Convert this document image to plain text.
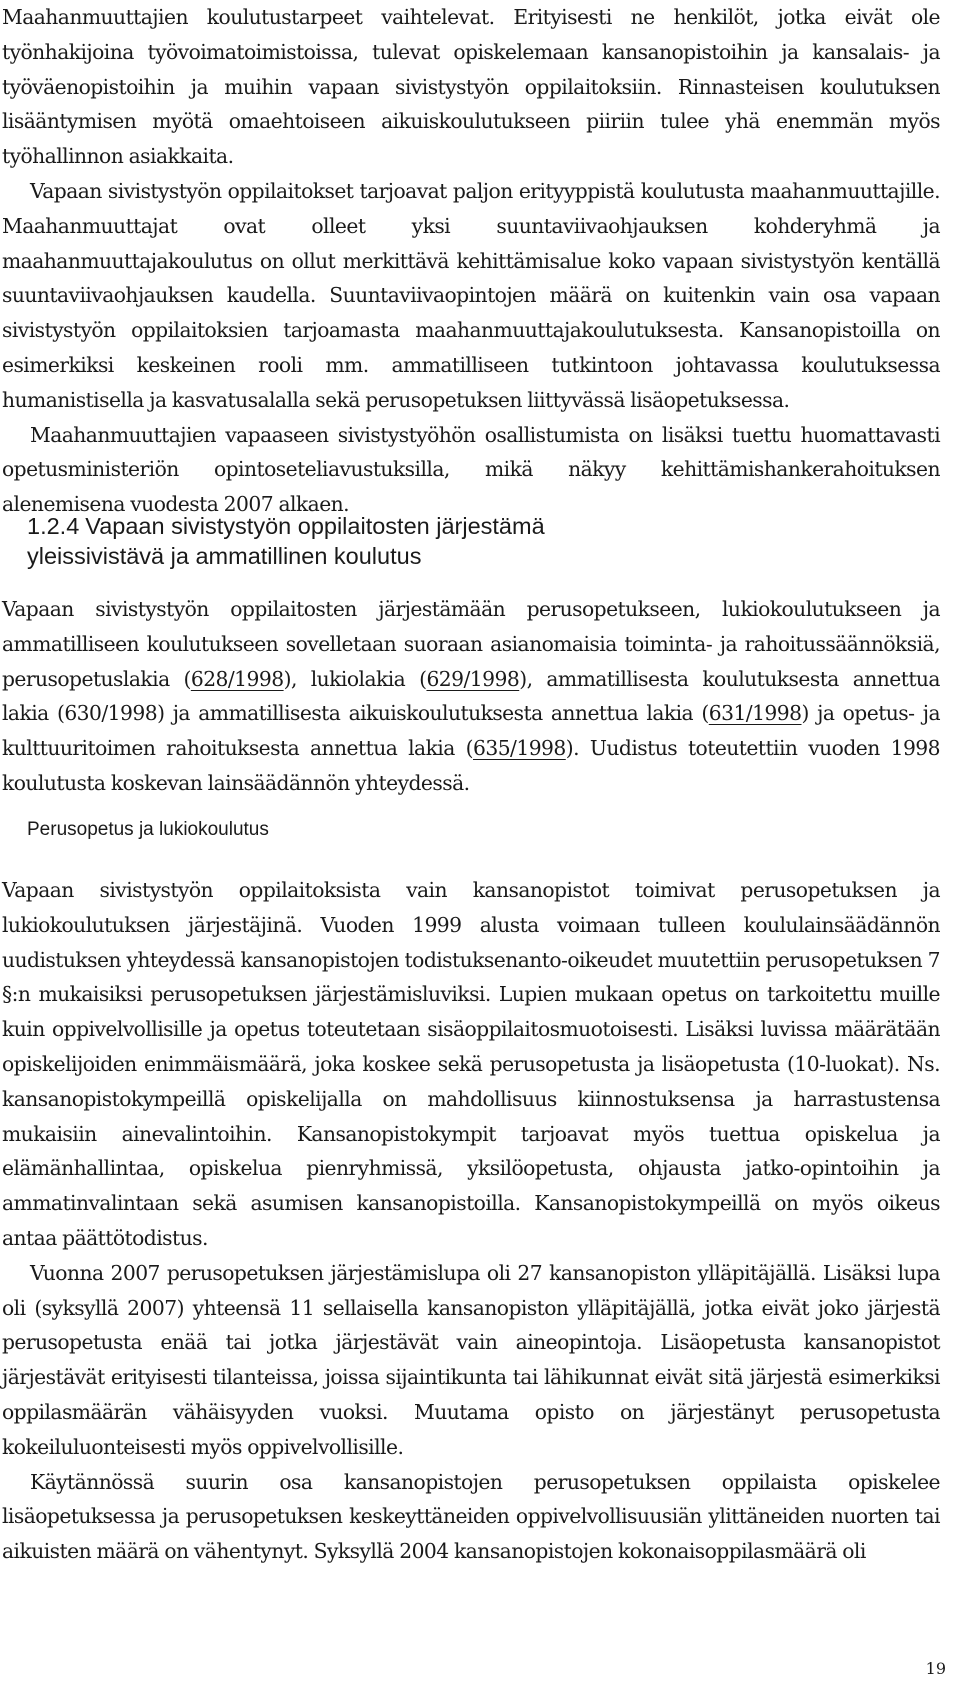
Maahanmuuttajien koulutustarpeet vaihtelevat. Erityisesti ne henkilöt, jotka eivät ole työnhakijoina työvoimatoimistoissa, tulevat opiskelemaan kansanopistoihin ja kansalais- ja työväenopistoihin ja muihin vapaan sivistystyön oppilaitoksiin. Rinnasteisen koulutuksen lisääntymisen myötä omaehtoiseen aikuiskoulutukseen piiriin tulee yhä enemmän myös työhallinnon asiakkaita.

Vapaan sivistystyön oppilaitokset tarjoavat paljon erityyppistä koulutusta maahanmuuttajille. Maahanmuuttajat ovat olleet yksi suuntaviivaohjauksen kohderyhmä ja maahanmuuttajakoulutus on ollut merkittävä kehittämisalue koko vapaan sivistystyön kentällä suuntaviivaohjauksen kaudella. Suuntaviivaopintojen määrä on kuitenkin vain osa vapaan sivistystyön oppilaitoksien tarjoamasta maahanmuuttajakoulutuksesta. Kansanopistoilla on esimerkiksi keskeinen rooli mm. ammatilliseen tutkintoon johtavassa koulutuksessa humanistisella ja kasvatusalalla sekä perusopetuksen liittyvässä lisäopetuksessa.

Maahanmuuttajien vapaaseen sivistystyöhön osallistumista on lisäksi tuettu huomattavasti opetusministeriön opintoseteliavustuksilla, mikä näkyy kehittämishankerahoituksen alenemisena vuodesta 2007 alkaen.

1.2.4 Vapaan sivistystyön oppilaitosten järjestämä
yleissivistävä ja ammatillinen koulutus

Vapaan sivistystyön oppilaitosten järjestämään perusopetukseen, lukiokoulutukseen ja ammatilliseen koulutukseen sovelletaan suoraan asianomaisia toiminta- ja rahoitussäännöksiä, perusopetuslakia (628/1998), lukiolakia (629/1998), ammatillisesta koulutuksesta annettua lakia (630/1998) ja ammatillisesta aikuiskoulutuksesta annettua lakia (631/1998) ja opetus- ja kulttuuritoimen rahoituksesta annettua lakia (635/1998). Uudistus toteutettiin vuoden 1998 koulutusta koskevan lainsäädännön yhteydessä.

Perusopetus ja lukiokoulutus

Vapaan sivistystyön oppilaitoksista vain kansanopistot toimivat perusopetuksen ja lukiokoulutuksen järjestäjinä. Vuoden 1999 alusta voimaan tulleen koululainsäädännön uudistuksen yhteydessä kansanopistojen todistuksenanto-oikeudet muutettiin perusopetuksen 7 §:n mukaisiksi perusopetuksen järjestämisluviksi. Lupien mukaan opetus on tarkoitettu muille kuin oppivelvollisille ja opetus toteutetaan sisäoppilaitosmuotoisesti. Lisäksi luvissa määrätään opiskelijoiden enimmäismäärä, joka koskee sekä perusopetusta ja lisäopetusta (10-luokat). Ns. kansanopistokympeillä opiskelijalla on mahdollisuus kiinnostuksensa ja harrastustensa mukaisiin ainevalintoihin. Kansanopistokympit tarjoavat myös tuettua opiskelua ja elämänhallintaa, opiskelua pienryhmissä, yksilöopetusta, ohjausta jatko-opintoihin ja ammatinvalintaan sekä asumisen kansanopistoilla. Kansanopistokympeillä on myös oikeus antaa päättötodistus.

Vuonna 2007 perusopetuksen järjestämislupa oli 27 kansanopiston ylläpitäjällä. Lisäksi lupa oli (syksyllä 2007) yhteensä 11 sellaisella kansanopiston ylläpitäjällä, jotka eivät joko järjestä perusopetusta enää tai jotka järjestävät vain aineopintoja. Lisäopetusta kansanopistot järjestävät erityisesti tilanteissa, joissa sijaintikunta tai lähikunnat eivät sitä järjestä esimerkiksi oppilasmäärän vähäisyyden vuoksi. Muutama opisto on järjestänyt perusopetusta kokeiluluonteisesti myös oppivelvollisille.

Käytännössä suurin osa kansanopistojen perusopetuksen oppilaista opiskelee lisäopetuksessa ja perusopetuksen keskeyttäneiden oppivelvollisuusiän ylittäneiden nuorten tai aikuisten määrä on vähentynyt. Syksyllä 2004 kansanopistojen kokonaisoppilasmäärä oli

19
